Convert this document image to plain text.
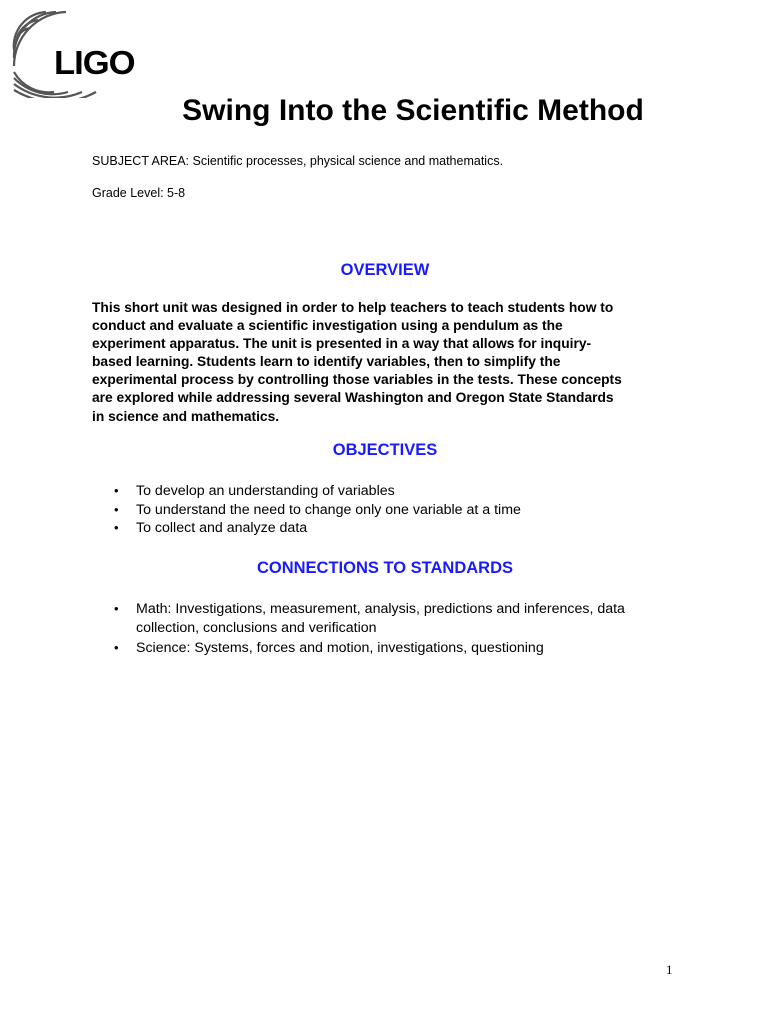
LIGO
Swing Into the Scientific Method

SUBJECT AREA: Scientific processes, physical science and mathematics.

Grade Level: 5-8

OVERVIEW

This short unit was designed in order to help teachers to teach students how to
conduct and evaluate a scientific investigation using a pendulum as the
experiment apparatus. The unit is presented in a way that allows for inquiry-
based learning. Students learn to identify variables, then to simplify the
experimental process by controlling those variables in the tests. These concepts
are explored while addressing several Washington and Oregon State Standards
in science and mathematics.

OBJECTIVES
• To develop an understanding of variables
• To understand the need to change only one variable at a time
• To collect and analyze data
CONNECTIONS TO STANDARDS
• Math: Investigations, measurement, analysis, predictions and inferences, data
collection, conclusions and verification
• Science: Systems, forces and motion, investigations, questioning
1
